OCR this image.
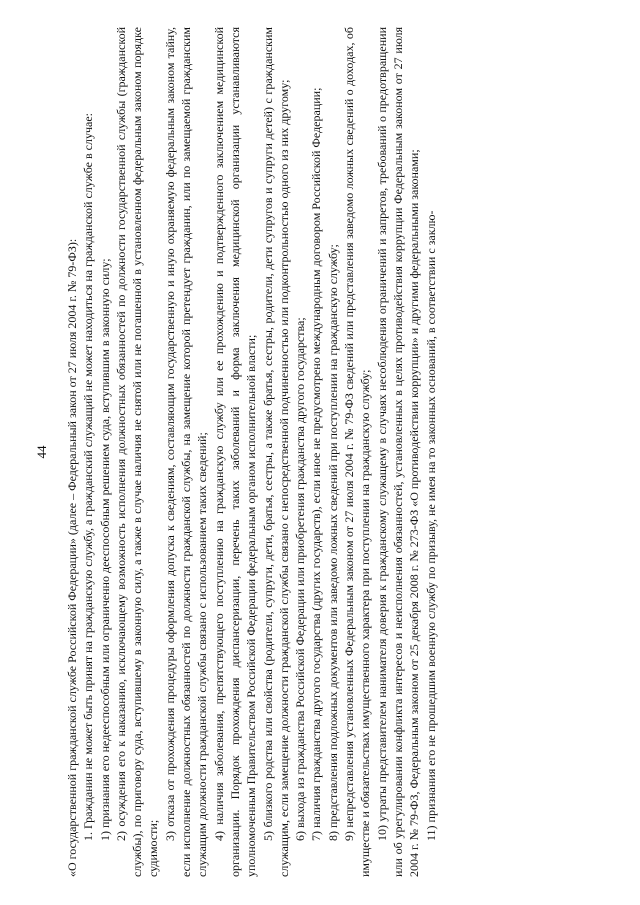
44 «О государственной гражданской службе Российской Федерации» (далее – Федеральный закон от 27 июля 2004 г. № 79-ФЗ): 1. Гражданин не может быть принят на гражданскую службу, а гражданский служащий не может находиться на гражданской службе в случае: 1) признания его недееспособным или ограниченно дееспособным решением суда, вступившим в законную силу; 2) осуждения его к наказанию, исключающему возможность исполнения должностных обязанностей по должности государственной службы (гражданской службы), по приговору суда, вступившему в законную силу, а также в случае наличия не снятой или не погашенной в установленном федеральным законом порядке судимости;

3) отказа от прохождения процедуры оформления допуска к сведениям, составляющим государственную и иную охраняемую федеральным законом тайну, если исполнение должностных обязанностей по должности гражданской службы, на замещение которой претендует гражданин, или по замещаемой гражданским служащим должности гражданской службы связано с использованием таких сведений; 4) наличия заболевания, препятствующего поступлению на гражданскую службу или ее прохождению и подтвержденного заключением медицинской организации. Порядок прохождения диспансеризации, перечень таких заболеваний и форма заключения медицинской организации устанавливаются уполномоченным Правительством Российской Федерации федеральным органом исполнительной власти; 5) близкого родства или свойства (родители, супруги, дети, братья, сестры, а также братья, сестры, родители, дети супругов и супруги детей) с гражданским служащим, если замещение должности гражданской службы связано с непосредственной подчиненностью или подконтрольностью одного из них другому; 6) выхода из гражданства Российской Федерации или приобретения гражданства другого государства; 7) наличия гражданства другого государства (других государств), если иное не предусмотрено международным договором Российской Федерации; 8) представления подложных документов или заведомо ложных сведений при поступлении на гражданскую службу; 9) непредставления установленных Федеральным законом от 27 июля 2004 г. № 79-ФЗ сведений или представления заведомо ложных сведений о доходах, об имуществе и обязательствах имущественного характера при поступлении на гражданскую службу; 10) утраты представителем нанимателя доверия к гражданскому служащему в случаях несоблюдения ограничений и запретов, требований о предотвращении или об урегулировании конфликта интересов и неисполнения обязанностей, установленных в целях противодействия коррупции Федеральным законом от 27 июля 2004 г. № 79-ФЗ, Федеральным законом от 25 декабря 2008 г. № 273-ФЗ «О противодействии коррупции» и другими федеральными законами; 11) признания его не прошедшим военную службу по призыву, не имея на то законных оснований, в соответствии с заклю-
